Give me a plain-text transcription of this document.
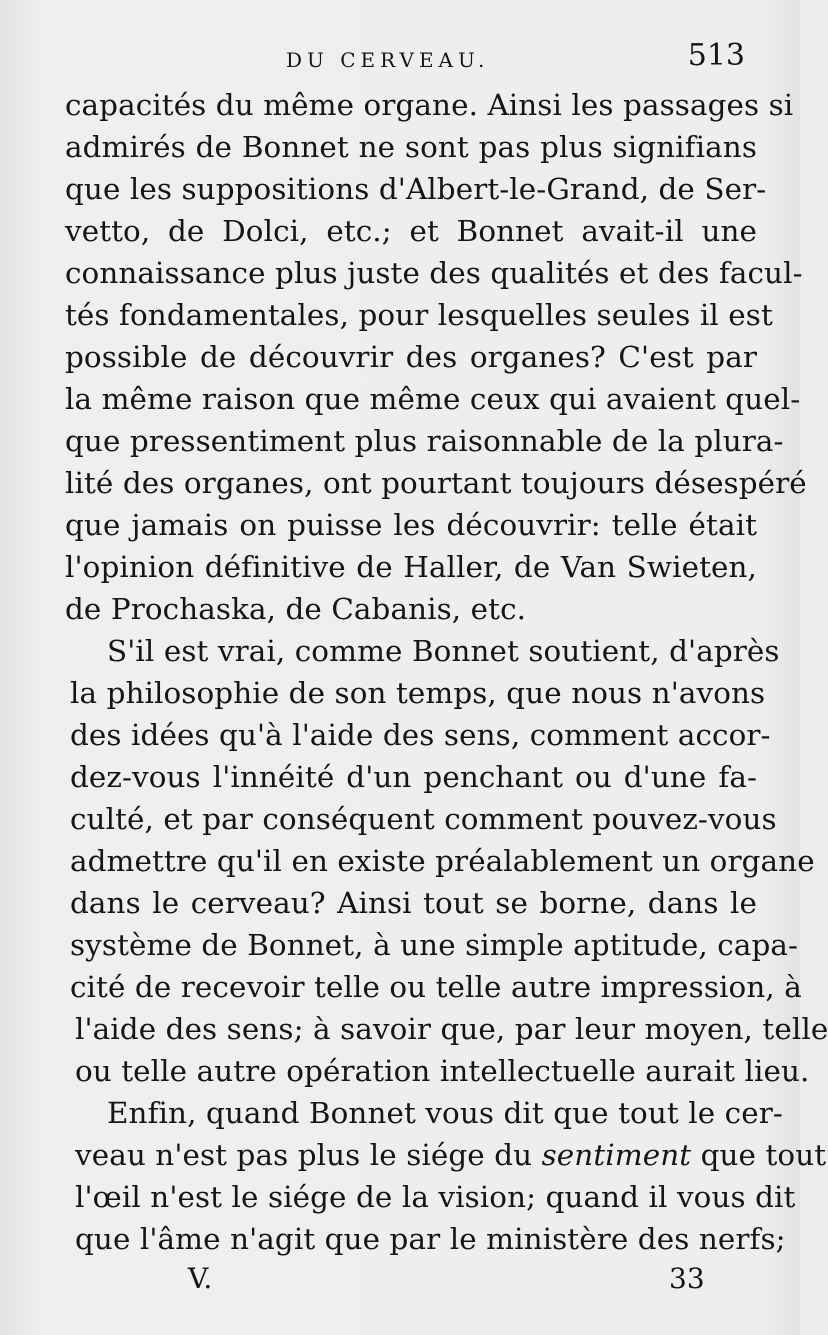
DU CERVEAU.	513
capacités du même organe. Ainsi les passages si
admirés de Bonnet ne sont pas plus signifians
que les suppositions d'Albert-le-Grand, de Ser-
vetto, de Dolci, etc.; et Bonnet avait-il une
connaissance plus juste des qualités et des facul-
tés fondamentales, pour lesquelles seules il est
possible de découvrir des organes? C'est par
la même raison que même ceux qui avaient quel-
que pressentiment plus raisonnable de la plura-
lité des organes, ont pourtant toujours désespéré
que jamais on puisse les découvrir: telle était
l'opinion définitive de Haller, de Van Swieten,
de Prochaska, de Cabanis, etc.
S'il est vrai, comme Bonnet soutient, d'après
la philosophie de son temps, que nous n'avons
des idées qu'à l'aide des sens, comment accor-
dez-vous l'innéité d'un penchant ou d'une fa-
culté, et par conséquent comment pouvez-vous
admettre qu'il en existe préalablement un organe
dans le cerveau? Ainsi tout se borne, dans le
système de Bonnet, à une simple aptitude, capa-
cité de recevoir telle ou telle autre impression, à
l'aide des sens; à savoir que, par leur moyen, telle
ou telle autre opération intellectuelle aurait lieu.
Enfin, quand Bonnet vous dit que tout le cer-
veau n'est pas plus le siége du sentiment que tout
l'œil n'est le siége de la vision; quand il vous dit
que l'âme n'agit que par le ministère des nerfs;
V.	33
